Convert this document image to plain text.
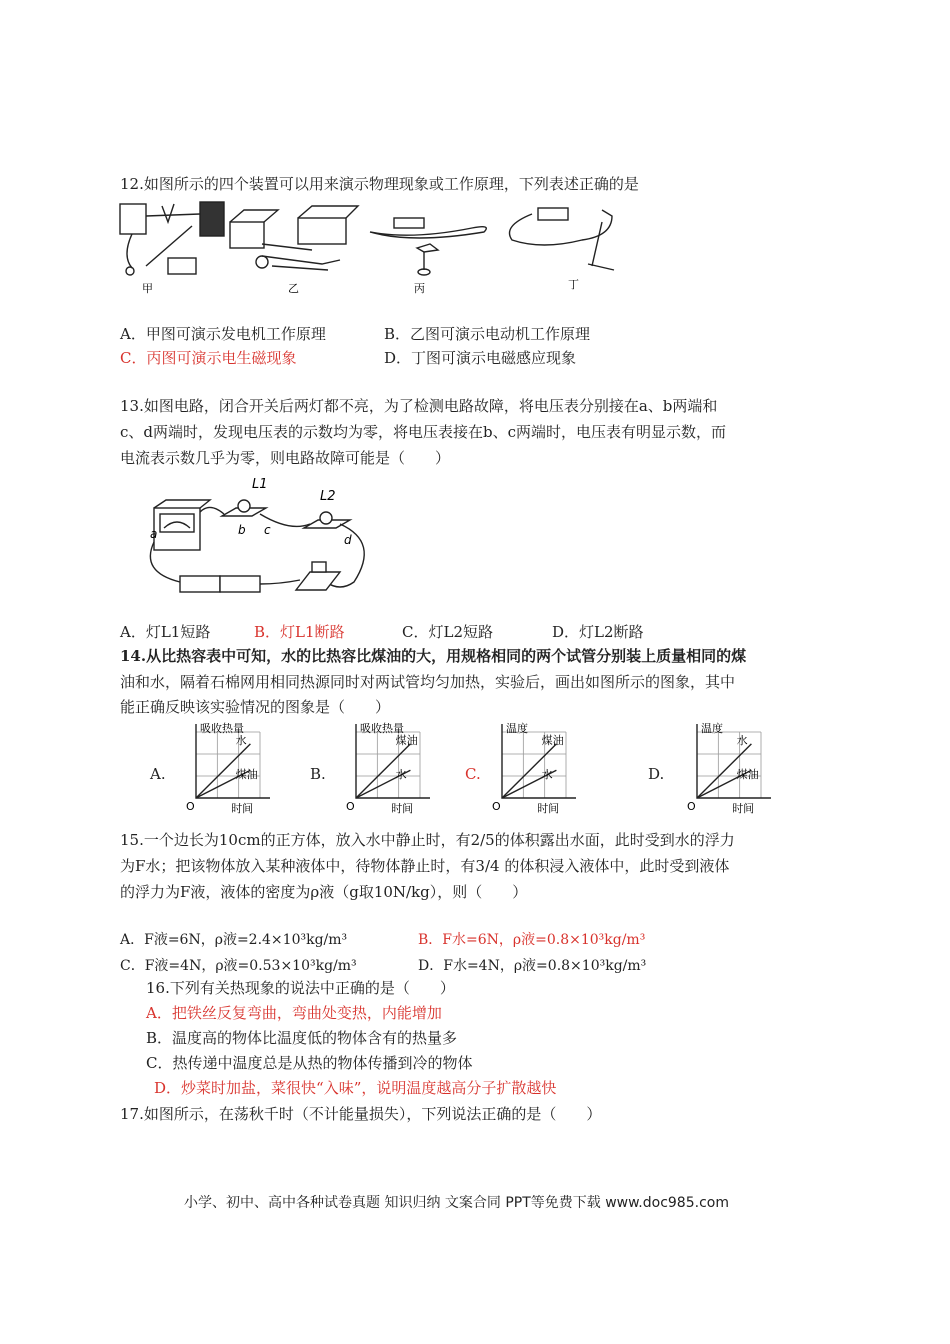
12.如图所示的四个装置可以用来演示物理现象或工作原理，下列表述正确的是
甲	乙	丙	丁
A．甲图可演示发电机工作原理	B．乙图可演示电动机工作原理
C．丙图可演示电生磁现象	D．丁图可演示电磁感应现象
13.如图电路，闭合开关后两灯都不亮，为了检测电路故障，将电压表分别接在a、b两端和
c、d两端时，发现电压表的示数均为零，将电压表接在b、c两端时，电压表有明显示数，而
电流表示数几乎为零，则电路故障可能是（　　）
L1
L2
a	b c
d
A．灯L1短路	B．灯L1断路	C．灯L2短路	D．灯L2断路
14.从比热容表中可知，水的比热容比煤油的大，用规格相同的两个试管分别装上质量相同的煤
油和水，隔着石棉网用相同热源同时对两试管均匀加热，实验后，画出如图所示的图象，其中
能正确反映该实验情况的图象是（　　）
A.
吸收热量
水
煤油
O	时间
B.
吸收热量
煤油
水
O	时间
C.
温度
煤油
水
O	时间
D.
温度
水
煤油
O	时间
15.一个边长为10cm的正方体，放入水中静止时，有2/5的体积露出水面，此时受到水的浮力
为F水；把该物体放入某种液体中，待物体静止时，有3/4 的体积浸入液体中，此时受到液体
的浮力为F液，液体的密度为ρ液（g取10N/kg），则（　　）
A．F液=6N，ρ液=2.4×10³kg/m³	B．F水=6N，ρ液=0.8×10³kg/m³
C．F液=4N，ρ液=0.53×10³kg/m³	D．F水=4N，ρ液=0.8×10³kg/m³
16.下列有关热现象的说法中正确的是（　　）
A．把铁丝反复弯曲，弯曲处变热，内能增加
B．温度高的物体比温度低的物体含有的热量多
C．热传递中温度总是从热的物体传播到冷的物体
D．炒菜时加盐，菜很快“入味”，说明温度越高分子扩散越快
17.如图所示，在荡秋千时（不计能量损失），下列说法正确的是（　　）
小学、初中、高中各种试卷真题 知识归纳 文案合同 PPT等免费下载 www.doc985.com
